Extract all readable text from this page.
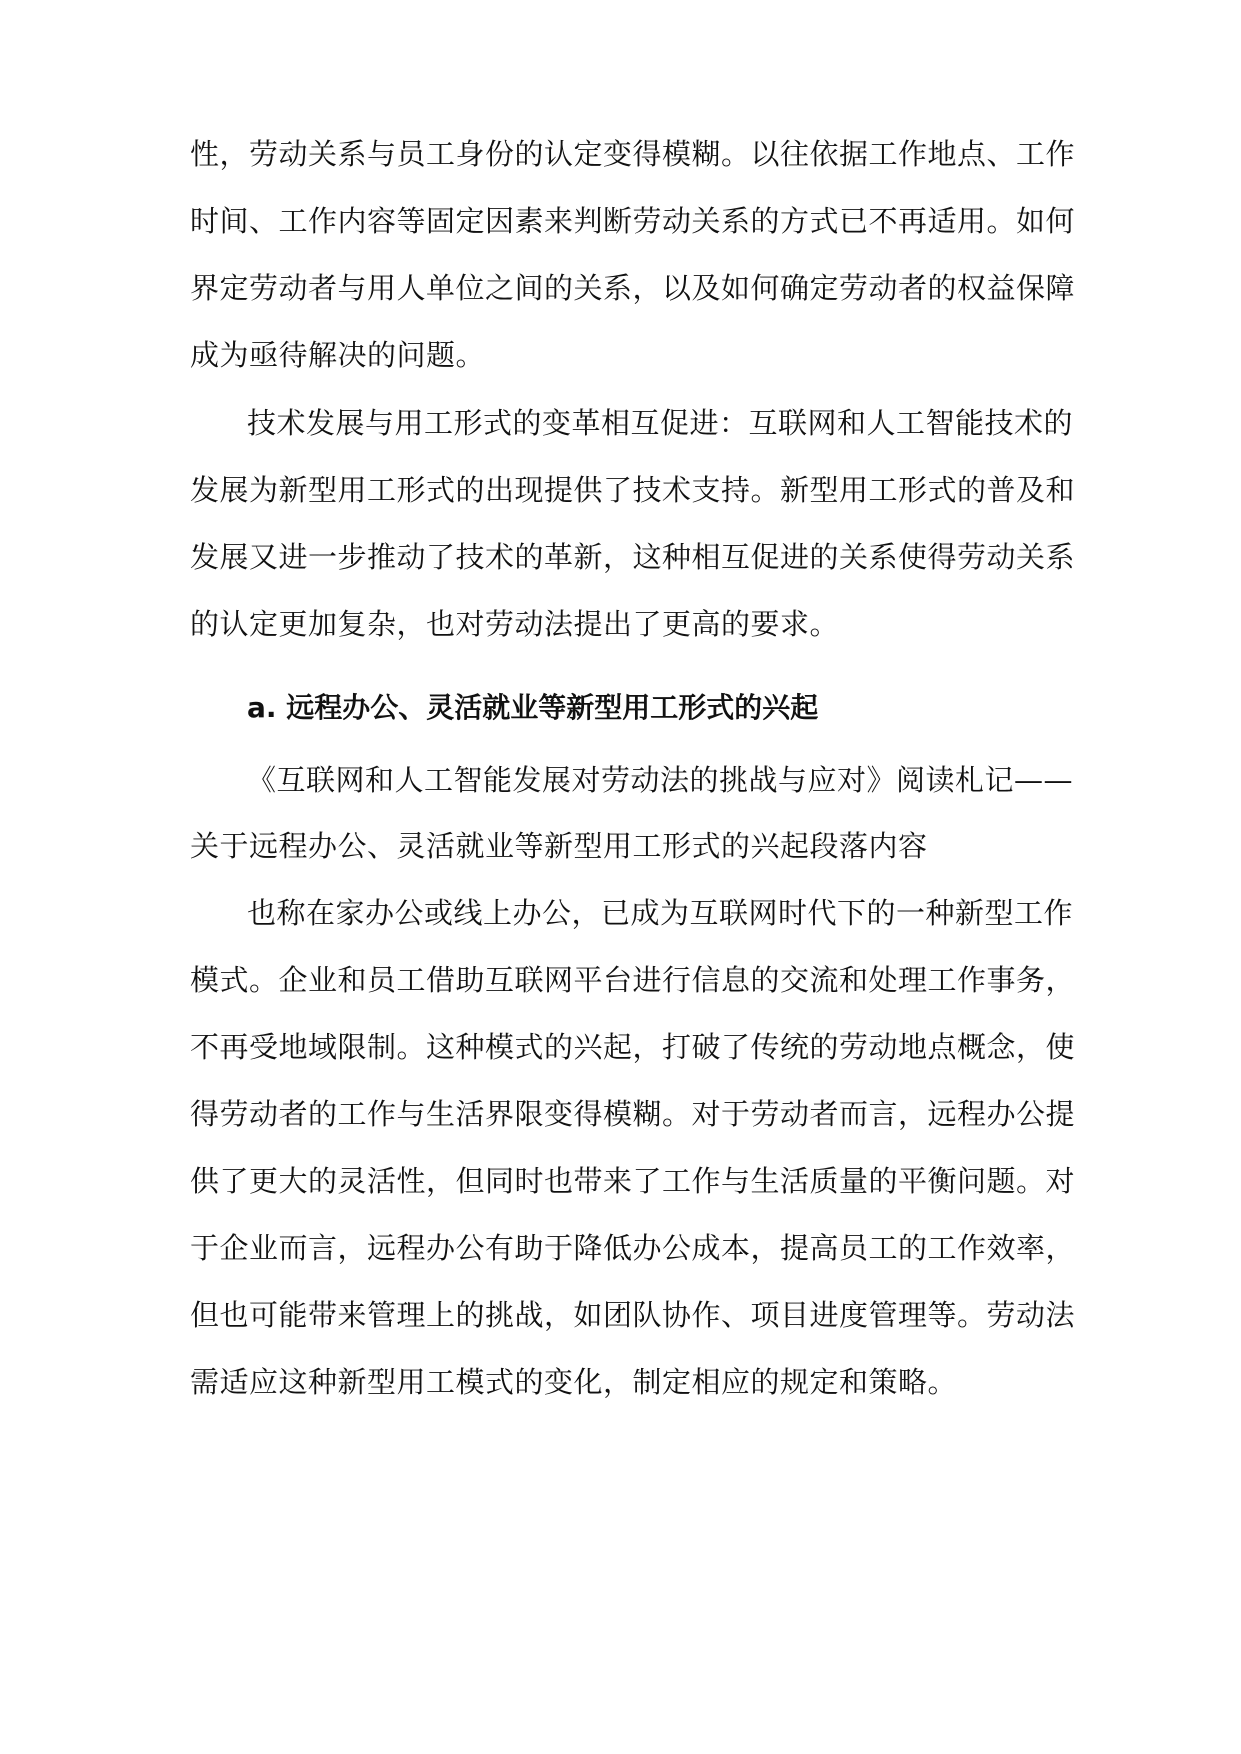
性，劳动关系与员工身份的认定变得模糊。以往依据工作地点、工作
时间、工作内容等固定因素来判断劳动关系的方式已不再适用。如何
界定劳动者与用人单位之间的关系，以及如何确定劳动者的权益保障
成为亟待解决的问题。
技术发展与用工形式的变革相互促进：互联网和人工智能技术的
发展为新型用工形式的出现提供了技术支持。新型用工形式的普及和
发展又进一步推动了技术的革新，这种相互促进的关系使得劳动关系
的认定更加复杂，也对劳动法提出了更高的要求。
a. 远程办公、灵活就业等新型用工形式的兴起
《互联网和人工智能发展对劳动法的挑战与应对》阅读札记——
关于远程办公、灵活就业等新型用工形式的兴起段落内容
也称在家办公或线上办公，已成为互联网时代下的一种新型工作
模式。企业和员工借助互联网平台进行信息的交流和处理工作事务，
不再受地域限制。这种模式的兴起，打破了传统的劳动地点概念，使
得劳动者的工作与生活界限变得模糊。对于劳动者而言，远程办公提
供了更大的灵活性，但同时也带来了工作与生活质量的平衡问题。对
于企业而言，远程办公有助于降低办公成本，提高员工的工作效率，
但也可能带来管理上的挑战，如团队协作、项目进度管理等。劳动法
需适应这种新型用工模式的变化，制定相应的规定和策略。
